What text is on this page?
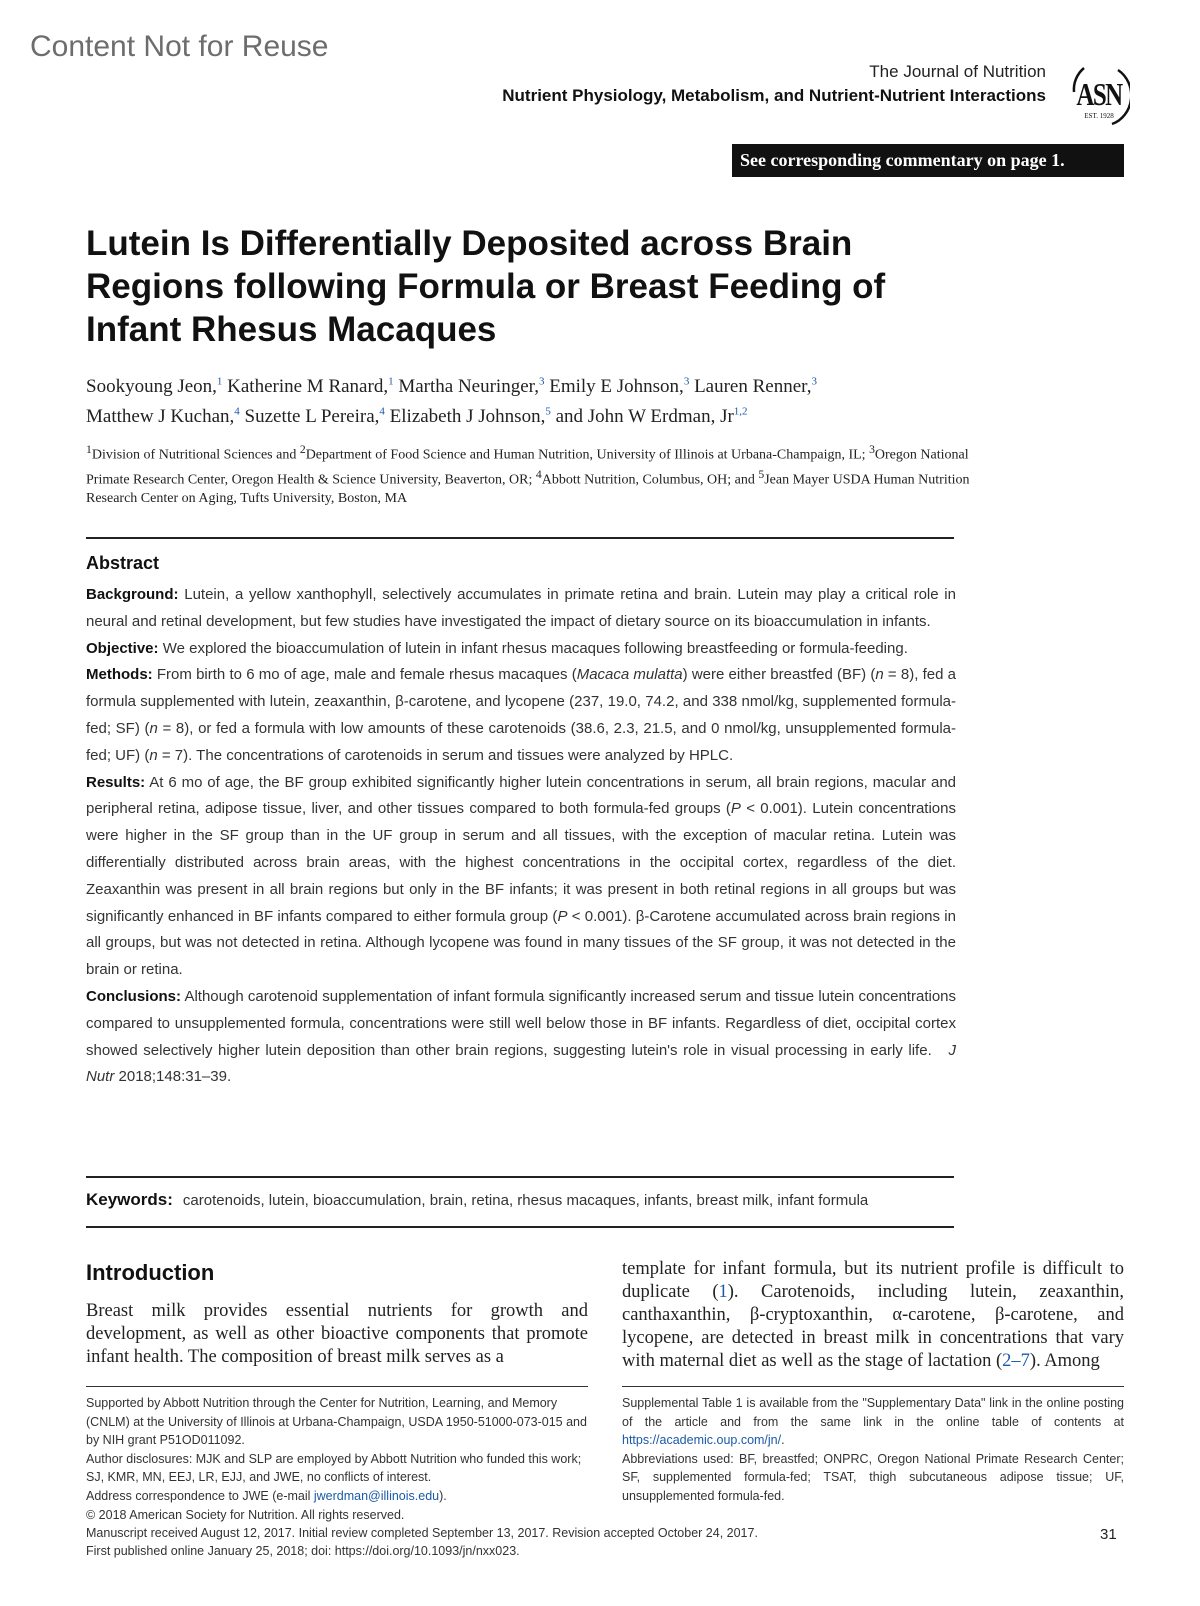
Content Not for Reuse
The Journal of Nutrition
Nutrient Physiology, Metabolism, and Nutrient-Nutrient Interactions ASN
EST. 1928
See corresponding commentary on page 1.
Lutein Is Differentially Deposited across Brain Regions following Formula or Breast Feeding of Infant Rhesus Macaques
Sookyoung Jeon,$^1$ Katherine M Ranard,$^1$ Martha Neuringer,$^3$ Emily E Johnson,$^3$ Lauren Renner,$^3$
Matthew J Kuchan,$^4$ Suzette L Pereira,$^4$ Elizabeth J Johnson,$^5$ and John W Erdman, Jr$^{1,2}$
$^1$Division of Nutritional Sciences and $^2$Department of Food Science and Human Nutrition, University of Illinois at Urbana-Champaign, IL; $^3$Oregon National Primate Research Center, Oregon Health & Science University, Beaverton, OR; $^4$Abbott Nutrition, Columbus, OH; and $^5$Jean Mayer USDA Human Nutrition Research Center on Aging, Tufts University, Boston, MA
Abstract
Background: Lutein, a yellow xanthophyll, selectively accumulates in primate retina and brain. Lutein may play a critical role in neural and retinal development, but few studies have investigated the impact of dietary source on its bioaccumulation in infants.
Objective: We explored the bioaccumulation of lutein in infant rhesus macaques following breastfeeding or formula-feeding.
Methods: From birth to 6 mo of age, male and female rhesus macaques (Macaca mulatta) were either breastfed (BF) (n = 8), fed a formula supplemented with lutein, zeaxanthin, β-carotene, and lycopene (237, 19.0, 74.2, and 338 nmol/kg, supplemented formula-fed; SF) (n = 8), or fed a formula with low amounts of these carotenoids (38.6, 2.3, 21.5, and 0 nmol/kg, unsupplemented formula-fed; UF) (n = 7). The concentrations of carotenoids in serum and tissues were analyzed by HPLC.
Results: At 6 mo of age, the BF group exhibited significantly higher lutein concentrations in serum, all brain regions, macular and peripheral retina, adipose tissue, liver, and other tissues compared to both formula-fed groups (P < 0.001). Lutein concentrations were higher in the SF group than in the UF group in serum and all tissues, with the exception of macular retina. Lutein was differentially distributed across brain areas, with the highest concentrations in the occipital cortex, regardless of the diet. Zeaxanthin was present in all brain regions but only in the BF infants; it was present in both retinal regions in all groups but was significantly enhanced in BF infants compared to either formula group (P < 0.001). β-Carotene accumulated across brain regions in all groups, but was not detected in retina. Although lycopene was found in many tissues of the SF group, it was not detected in the brain or retina.
Conclusions: Although carotenoid supplementation of infant formula significantly increased serum and tissue lutein concentrations compared to unsupplemented formula, concentrations were still well below those in BF infants. Regardless of diet, occipital cortex showed selectively higher lutein deposition than other brain regions, suggesting lutein's role in visual processing in early life. J Nutr 2018;148:31–39.
Keywords: carotenoids, lutein, bioaccumulation, brain, retina, rhesus macaques, infants, breast milk, infant formula
Introduction
Breast milk provides essential nutrients for growth and development, as well as other bioactive components that promote infant health. The composition of breast milk serves as a
template for infant formula, but its nutrient profile is difficult to duplicate (1). Carotenoids, including lutein, zeaxanthin, canthaxanthin, β-cryptoxanthin, α-carotene, β-carotene, and lycopene, are detected in breast milk in concentrations that vary with maternal diet as well as the stage of lactation (2–7). Among

Supported by Abbott Nutrition through the Center for Nutrition, Learning, and Memory (CNLM) at the University of Illinois at Urbana-Champaign, USDA 1950-51000-073-015 and by NIH grant P51OD011092.

Author disclosures: MJK and SLP are employed by Abbott Nutrition who funded this work; SJ, KMR, MN, EEJ, LR, EJJ, and JWE, no conflicts of interest.

Address correspondence to JWE (e-mail jwerdman@illinois.edu).

Supplemental Table 1 is available from the "Supplementary Data" link in the online posting of the article and from the same link in the online table of contents at https://academic.oup.com/jn/.

Abbreviations used: BF, breastfed; ONPRC, Oregon National Primate Research Center; SF, supplemented formula-fed; TSAT, thigh subcutaneous adipose tissue; UF, unsupplemented formula-fed.

© 2018 American Society for Nutrition. All rights reserved.
Manuscript received August 12, 2017. Initial review completed September 13, 2017. Revision accepted October 24, 2017.
First published online January 25, 2018; doi: https://doi.org/10.1093/jn/nxx023.
31
